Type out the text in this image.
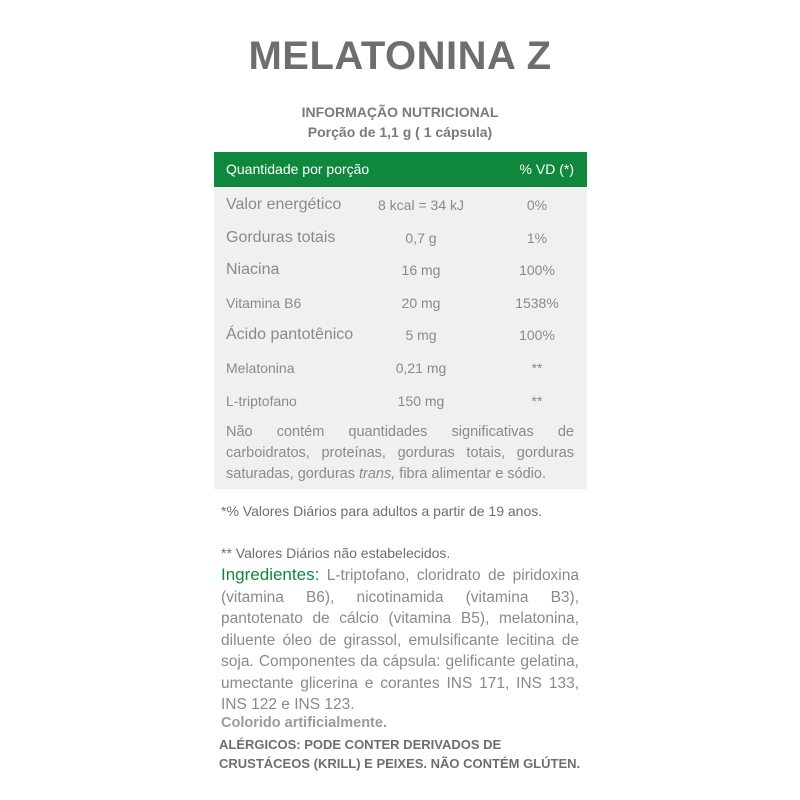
MELATONINA Z
INFORMAÇÃO NUTRICIONAL
Porção de 1,1 g ( 1 cápsula)
Quantidade por porção	% VD (*)
Valor energético	8 kcal = 34 kJ	0%
Gorduras totais	0,7 g	1%
Niacina	16 mg	100%
Vitamina B6	20 mg	1538%
Ácido pantotênico	5 mg	100%
Melatonina	0,21 mg	**
L-triptofano	150 mg	**
Não contém quantidades significativas de carboidratos, proteínas, gorduras totais, gorduras saturadas, gorduras trans, fibra alimentar e sódio.
*% Valores Diários para adultos a partir de 19 anos.
** Valores Diários não estabelecidos.
Ingredientes: L-triptofano, cloridrato de piridoxina (vitamina B6), nicotinamida (vitamina B3), pantotenato de cálcio (vitamina B5), melatonina, diluente óleo de girassol, emulsificante lecitina de soja. Componentes da cápsula: gelificante gelatina, umectante glicerina e corantes INS 171, INS 133, INS 122 e INS 123.
Colorido artificialmente.
ALÉRGICOS: PODE CONTER DERIVADOS DE
CRUSTÁCEOS (KRILL) E PEIXES. NÃO CONTÉM GLÚTEN.
